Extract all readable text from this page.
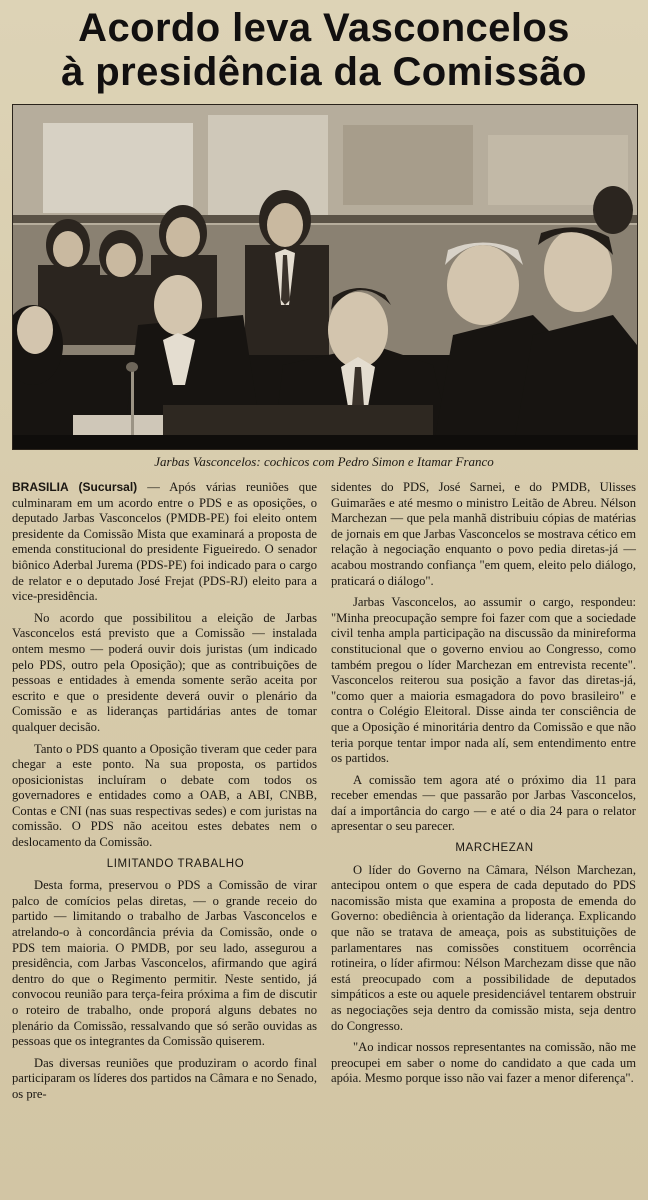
Acordo leva Vasconcelos
à presidência da Comissão
Jarbas Vasconcelos: cochicos com Pedro Simon e Itamar Franco

BRASILIA (Sucursal) — Após várias reuniões que culminaram em um acordo entre o PDS e as oposições, o deputado Jarbas Vasconcelos (PMDB-PE) foi eleito ontem presidente da Comissão Mista que examinará a proposta de emenda constitucional do presidente Figueiredo. O senador biônico Aderbal Jurema (PDS-PE) foi indicado para o cargo de relator e o deputado José Frejat (PDS-RJ) eleito para a vice-presidência.

No acordo que possibilitou a eleição de Jarbas Vasconcelos está previsto que a Comissão — instalada ontem mesmo — poderá ouvir dois juristas (um indicado pelo PDS, outro pela Oposição); que as contribuições de pessoas e entidades à emenda somente serão aceita por escrito e que o presidente deverá ouvir o plenário da Comissão e as lideranças partidárias antes de tomar qualquer decisão.

Tanto o PDS quanto a Oposição tiveram que ceder para chegar a este ponto. Na sua proposta, os partidos oposicionistas incluíram o debate com todos os governadores e entidades como a OAB, a ABI, CNBB, Contas e CNI (nas suas respectivas sedes) e com juristas na comissão. O PDS não aceitou estes debates nem o deslocamento da Comissão.

LIMITANDO TRABALHO

Desta forma, preservou o PDS a Comissão de virar palco de comícios pelas diretas, — o grande receio do partido — limitando o trabalho de Jarbas Vasconcelos e atrelando-o à concordância prévia da Comissão, onde o PDS tem maioria. O PMDB, por seu lado, assegurou a presidência, com Jarbas Vasconcelos, afirmando que agirá dentro do que o Regimento permitir. Neste sentido, já convocou reunião para terça-feira próxima a fim de discutir o roteiro de trabalho, onde proporá alguns debates no plenário da Comissão, ressalvando que só serão ouvidas as pessoas que os integrantes da Comissão quiserem.

Das diversas reuniões que produziram o acordo final participaram os líderes dos partidos na Câmara e no Senado, os pre-

sidentes do PDS, José Sarnei, e do PMDB, Ulisses Guimarães e até mesmo o ministro Leitão de Abreu. Nélson Marchezan — que pela manhã distribuiu cópias de matérias de jornais em que Jarbas Vasconcelos se mostrava cético em relação à negociação enquanto o povo pedia diretas-já — acabou mostrando confiança "em quem, eleito pelo diálogo, praticará o diálogo".

Jarbas Vasconcelos, ao assumir o cargo, respondeu: "Minha preocupação sempre foi fazer com que a sociedade civil tenha ampla participação na discussão da minireforma constitucional que o governo enviou ao Congresso, como também pregou o líder Marchezan em entrevista recente". Vasconcelos reiterou sua posição a favor das diretas-já, "como quer a maioria esmagadora do povo brasileiro" e contra o Colégio Eleitoral. Disse ainda ter consciência de que a Oposição é minoritária dentro da Comissão e que não teria porque tentar impor nada alí, sem entendimento entre os partidos.

A comissão tem agora até o próximo dia 11 para receber emendas — que passarão por Jarbas Vasconcelos, daí a importância do cargo — e até o dia 24 para o relator apresentar o seu parecer.

MARCHEZAN

O líder do Governo na Câmara, Nélson Marchezan, antecipou ontem o que espera de cada deputado do PDS nacomissão mista que examina a proposta de emenda do Governo: obediência à orientação da liderança. Explicando que não se tratava de ameaça, pois as substituições de parlamentares nas comissões constituem ocorrência rotineira, o líder afirmou: Nélson Marchezam disse que não está preocupado com a possibilidade de deputados simpáticos a este ou aquele presidenciável tentarem obstruir as negociações seja dentro da comissão mista, seja dentro do Congresso.

"Ao indicar nossos representantes na comissão, não me preocupei em saber o nome do candidato a que cada um apóia. Mesmo porque isso não vai fazer a menor diferença".
